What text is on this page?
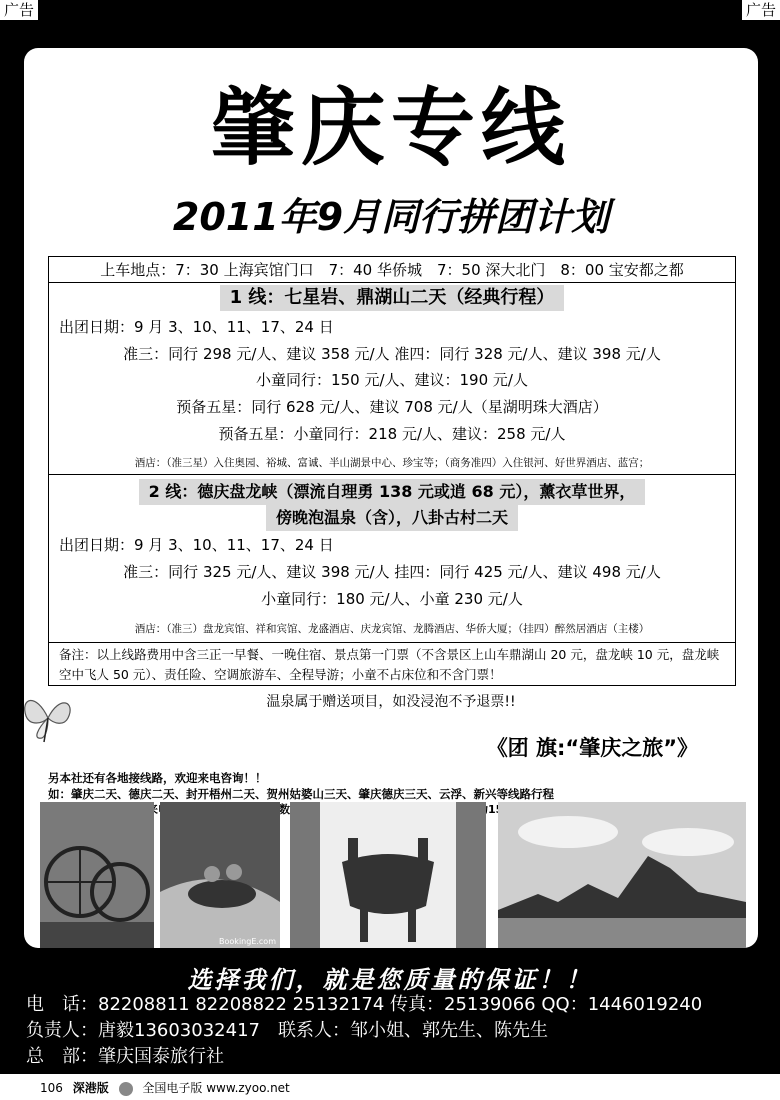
广告	广告
肇庆专线
2011年9月同行拼团计划
上车地点：7：30 上海宾馆门口　7：40 华侨城　7：50 深大北门　8：00 宝安都之都
1 线：七星岩、鼎湖山二天（经典行程）
出团日期：9 月 3、10、11、17、24 日
准三：同行 298 元/人、建议 358 元/人 准四：同行 328 元/人、建议 398 元/人
小童同行：150 元/人、建议：190 元/人
预备五星：同行 628 元/人、建议 708 元/人（星湖明珠大酒店）
预备五星：小童同行：218 元/人、建议：258 元/人
酒店：（准三星）入住奥园、裕城、富诚、半山湖景中心、珍宝等；（商务准四）入住银河、好世界酒店、蓝宫；
2 线：德庆盘龙峡（漂流自理勇 138 元或逍 68 元），薰衣草世界，
傍晚泡温泉（含），八卦古村二天
出团日期：9 月 3、10、11、17、24 日
准三：同行 325 元/人、建议 398 元/人 挂四：同行 425 元/人、建议 498 元/人
小童同行：180 元/人、小童 230 元/人
酒店：（准三）盘龙宾馆、祥和宾馆、龙盛酒店、庆龙宾馆、龙腾酒店、华侨大厦；（挂四）醉然居酒店（主楼）
备注：以上线路费用中含三正一早餐、一晚住宿、景点第一门票（不含景区上山车鼎湖山 20 元，盘龙峡 10 元，盘龙峡空中飞人 50 元）、责任险、空调旅游车、全程导游；小童不占床位和不含门票！
温泉属于赠送项目，如没浸泡不予退票!!
《团 旗:“肇庆之旅”》
另本社还有各地接线路，欢迎来电咨询！！
如：肇庆二天、德庆二天、封开梧州二天、贺州姑婆山三天、肇庆德庆三天、云浮、新兴等线路行程
BookingE.com
选择我们，就是您质量的保证！！
电　话：82208811 82208822 25132174 传真：25139066 QQ：1446019240
负责人：唐毅13603032417　联系人：邹小姐、郭先生、陈先生
总　部：肇庆国泰旅行社
106 深港版	全国电子版 www.zyoo.net
